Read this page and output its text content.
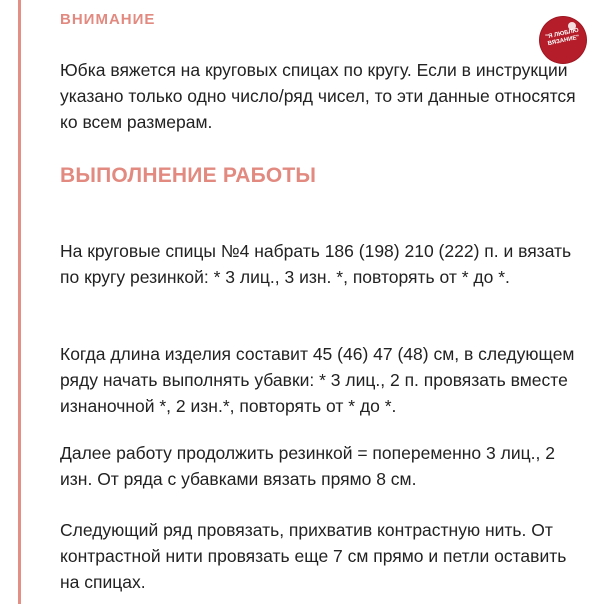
"Я ЛЮБЛЮ
ВЯЗАНИЕ"
ВНИМАНИЕ

Юбка вяжется на круговых спицах по кругу. Если в инструкции указано только одно число/ряд чисел, то эти данные относятся ко всем размерам.

ВЫПОЛНЕНИЕ РАБОТЫ

На круговые спицы №4 набрать 186 (198) 210 (222) п. и вязать по кругу резинкой: * 3 лиц., 3 изн. *, повторять от * до *.

Когда длина изделия составит 45 (46) 47 (48) см, в следующем ряду начать выполнять убавки: * 3 лиц., 2 п. провязать вместе изнаночной *, 2 изн.*, повторять от * до *.

Далее работу продолжить резинкой = попеременно 3 лиц., 2 изн. От ряда с убавками вязать прямо 8 см.

Следующий ряд провязать, прихватив контрастную нить. От контрастной нити провязать еще 7 см прямо и петли оставить на спицах.
